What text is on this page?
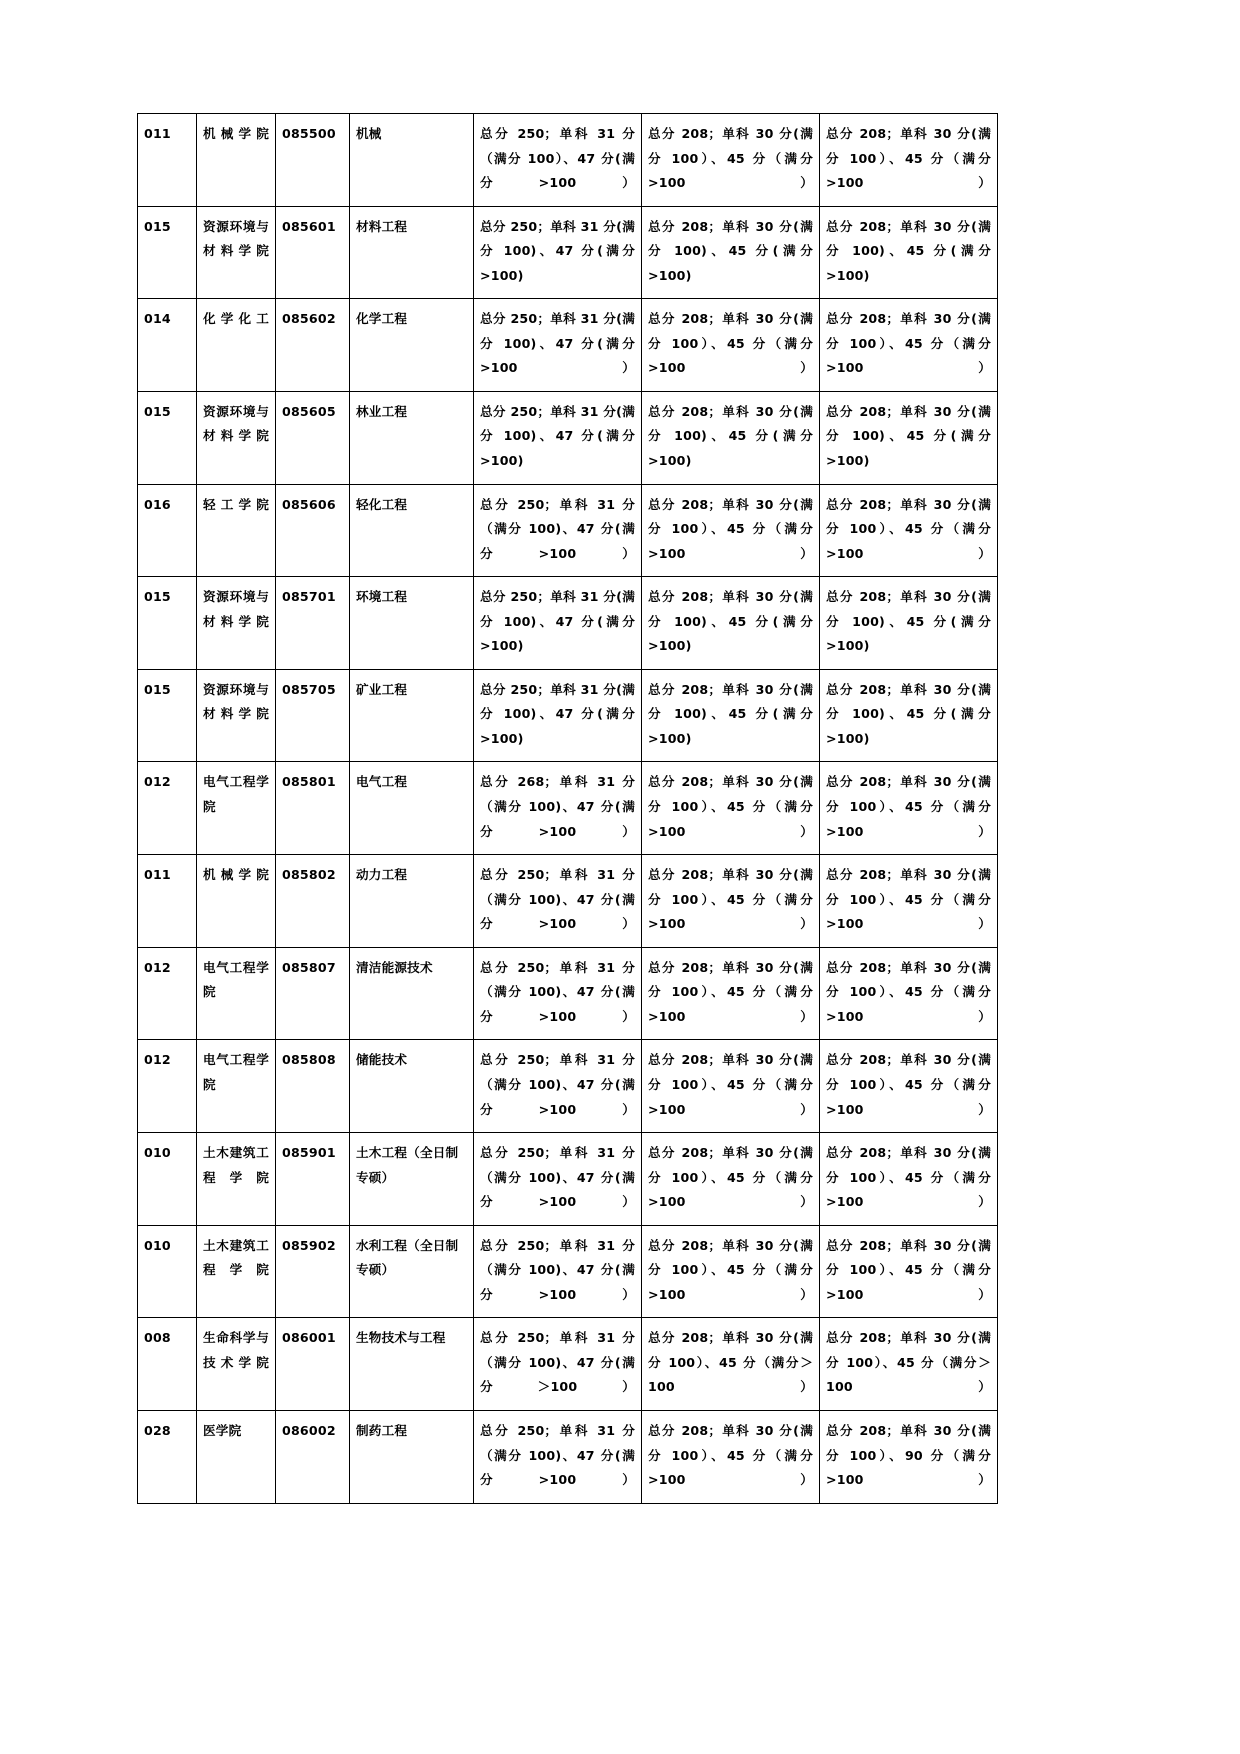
011	机械学院	085500	机械	总分 250；单科 31 分（满分 100）、47 分(满分>100）	总分 208；单科 30 分(满分 100）、45 分（满分>100）	总分 208；单科 30 分(满分 100）、45 分（满分>100）
015	资源环境与材料学院	085601	材料工程	总分 250；单科 31 分(满分 100)、47 分(满分>100)	总分 208；单科 30 分(满分 100)、45 分(满分>100)	总分 208；单科 30 分(满分 100)、45 分(满分>100)
014	化学化工	085602	化学工程	总分 250；单科 31 分(满分 100)、47 分(满分>100）	总分 208；单科 30 分(满分 100）、45 分（满分>100）	总分 208；单科 30 分(满分 100）、45 分（满分>100）
015	资源环境与材料学院	085605	林业工程	总分 250；单科 31 分(满分 100)、47 分(满分>100)	总分 208；单科 30 分(满分 100)、45 分(满分>100)	总分 208；单科 30 分(满分 100)、45 分(满分>100)
016	轻工学院	085606	轻化工程	总分 250；单科 31 分（满分 100)、47 分(满分>100）	总分 208；单科 30 分(满分 100）、45 分（满分>100）	总分 208；单科 30 分(满分 100）、45 分（满分>100）
015	资源环境与材料学院	085701	环境工程	总分 250；单科 31 分(满分 100)、47 分(满分>100)	总分 208；单科 30 分(满分 100)、45 分(满分>100)	总分 208；单科 30 分(满分 100)、45 分(满分>100)
015	资源环境与材料学院	085705	矿业工程	总分 250；单科 31 分(满分 100)、47 分(满分>100)	总分 208；单科 30 分(满分 100)、45 分(满分>100)	总分 208；单科 30 分(满分 100)、45 分(满分>100)
012	电气工程学院	085801	电气工程	总分 268；单科 31 分（满分 100)、47 分(满分>100）	总分 208；单科 30 分(满分 100）、45 分（满分>100）	总分 208；单科 30 分(满分 100）、45 分（满分>100）
011	机械学院	085802	动力工程	总分 250；单科 31 分（满分 100)、47 分(满分>100）	总分 208；单科 30 分(满分 100）、45 分（满分>100）	总分 208；单科 30 分(满分 100）、45 分（满分>100）
012	电气工程学院	085807	清洁能源技术	总分 250；单科 31 分（满分 100)、47 分(满分>100）	总分 208；单科 30 分(满分 100）、45 分（满分>100）	总分 208；单科 30 分(满分 100）、45 分（满分>100）
012	电气工程学院	085808	储能技术	总分 250；单科 31 分（满分 100)、47 分(满分>100）	总分 208；单科 30 分(满分 100）、45 分（满分>100）	总分 208；单科 30 分(满分 100）、45 分（满分>100）
010	土木建筑工程学院	085901	土木工程（全日制专硕）	总分 250；单科 31 分（满分 100)、47 分(满分>100）	总分 208；单科 30 分(满分 100）、45 分（满分>100）	总分 208；单科 30 分(满分 100）、45 分（满分>100）
010	土木建筑工程学院	085902	水利工程（全日制专硕）	总分 250；单科 31 分（满分 100)、47 分(满分>100）	总分 208；单科 30 分(满分 100）、45 分（满分>100）	总分 208；单科 30 分(满分 100）、45 分（满分>100）
008	生命科学与技术学院	086001	生物技术与工程	总分 250；单科 31 分（满分 100)、47 分(满分＞100）	总分 208；单科 30 分(满分 100）、45 分（满分＞100）	总分 208；单科 30 分(满分 100）、45 分（满分＞100）
028	医学院	086002	制药工程	总分 250；单科 31 分（满分 100)、47 分(满分>100）	总分 208；单科 30 分(满分 100）、45 分（满分>100）	总分 208；单科 30 分(满分 100）、90 分（满分>100）
